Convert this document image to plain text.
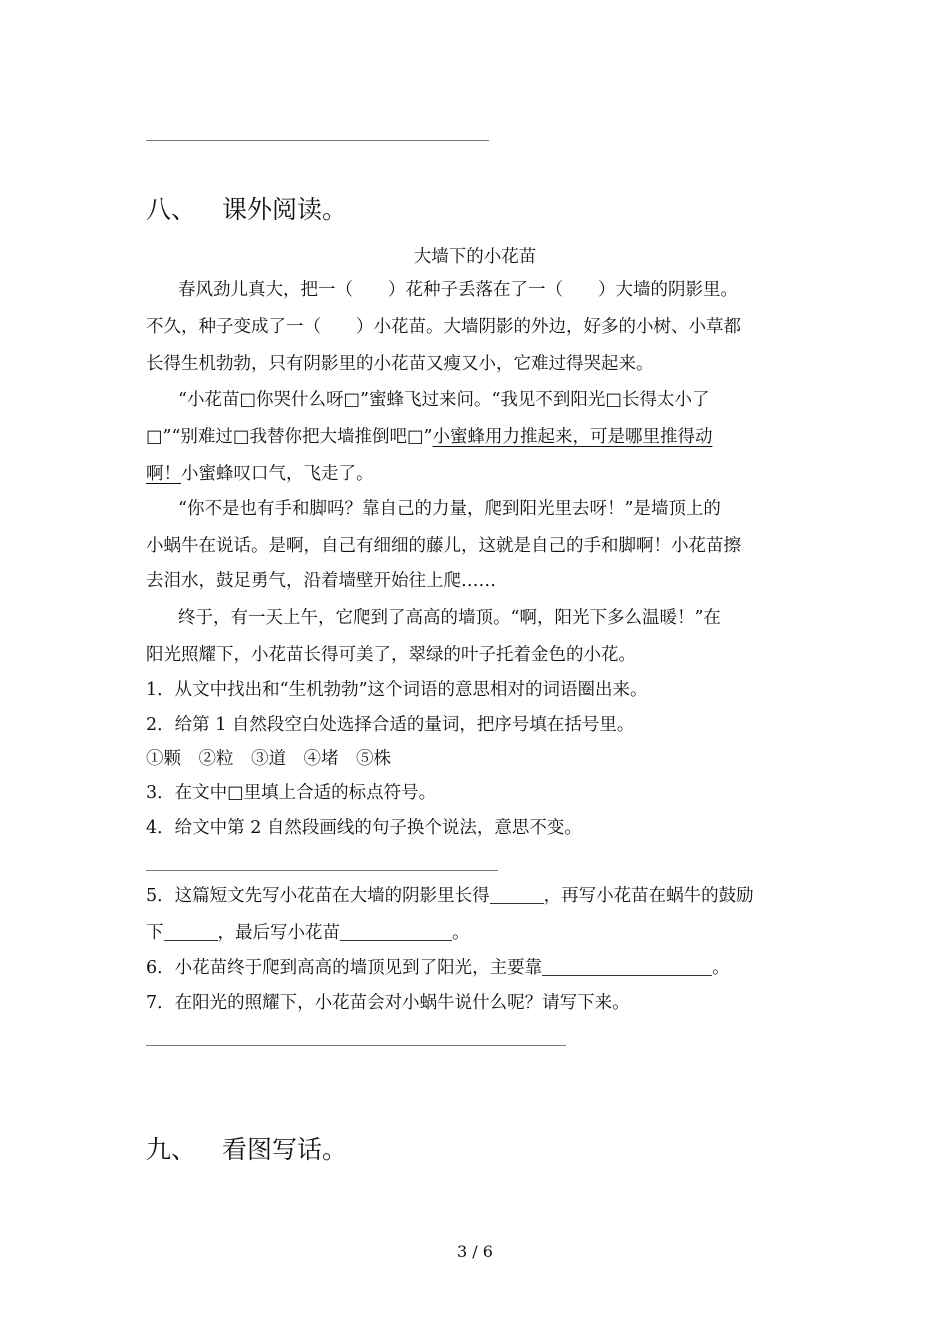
八、 课外阅读。
大墙下的小花苗
春风劲儿真大，把一（　　）花种子丢落在了一（　　）大墙的阴影里。
不久，种子变成了一（　　）小花苗。大墙阴影的外边，好多的小树、小草都
长得生机勃勃，只有阴影里的小花苗又瘦又小，它难过得哭起来。
“小花苗□你哭什么呀□”蜜蜂飞过来问。“我见不到阳光□长得太小了
□”“别难过□我替你把大墙推倒吧□”小蜜蜂用力推起来，可是哪里推得动
啊！小蜜蜂叹口气，飞走了。
“你不是也有手和脚吗？靠自己的力量，爬到阳光里去呀！”是墙顶上的
小蜗牛在说话。是啊，自己有细细的藤儿，这就是自己的手和脚啊！小花苗擦
去泪水，鼓足勇气，沿着墙壁开始往上爬……
终于，有一天上午，它爬到了高高的墙顶。“啊，阳光下多么温暖！”在
阳光照耀下，小花苗长得可美了，翠绿的叶子托着金色的小花。
1．从文中找出和“生机勃勃”这个词语的意思相对的词语圈出来。
2．给第 1 自然段空白处选择合适的量词，把序号填在括号里。
①颗　②粒　③道　④堵　⑤株
3．在文中□里填上合适的标点符号。
4．给文中第 2 自然段画线的句子换个说法，意思不变。
5．这篇短文先写小花苗在大墙的阴影里长得	，再写小花苗在蜗牛的鼓励
下	，最后写小花苗	。
6．小花苗终于爬到高高的墙顶见到了阳光，主要靠	。
7．在阳光的照耀下，小花苗会对小蜗牛说什么呢？请写下来。
九、 看图写话。
3 / 6
